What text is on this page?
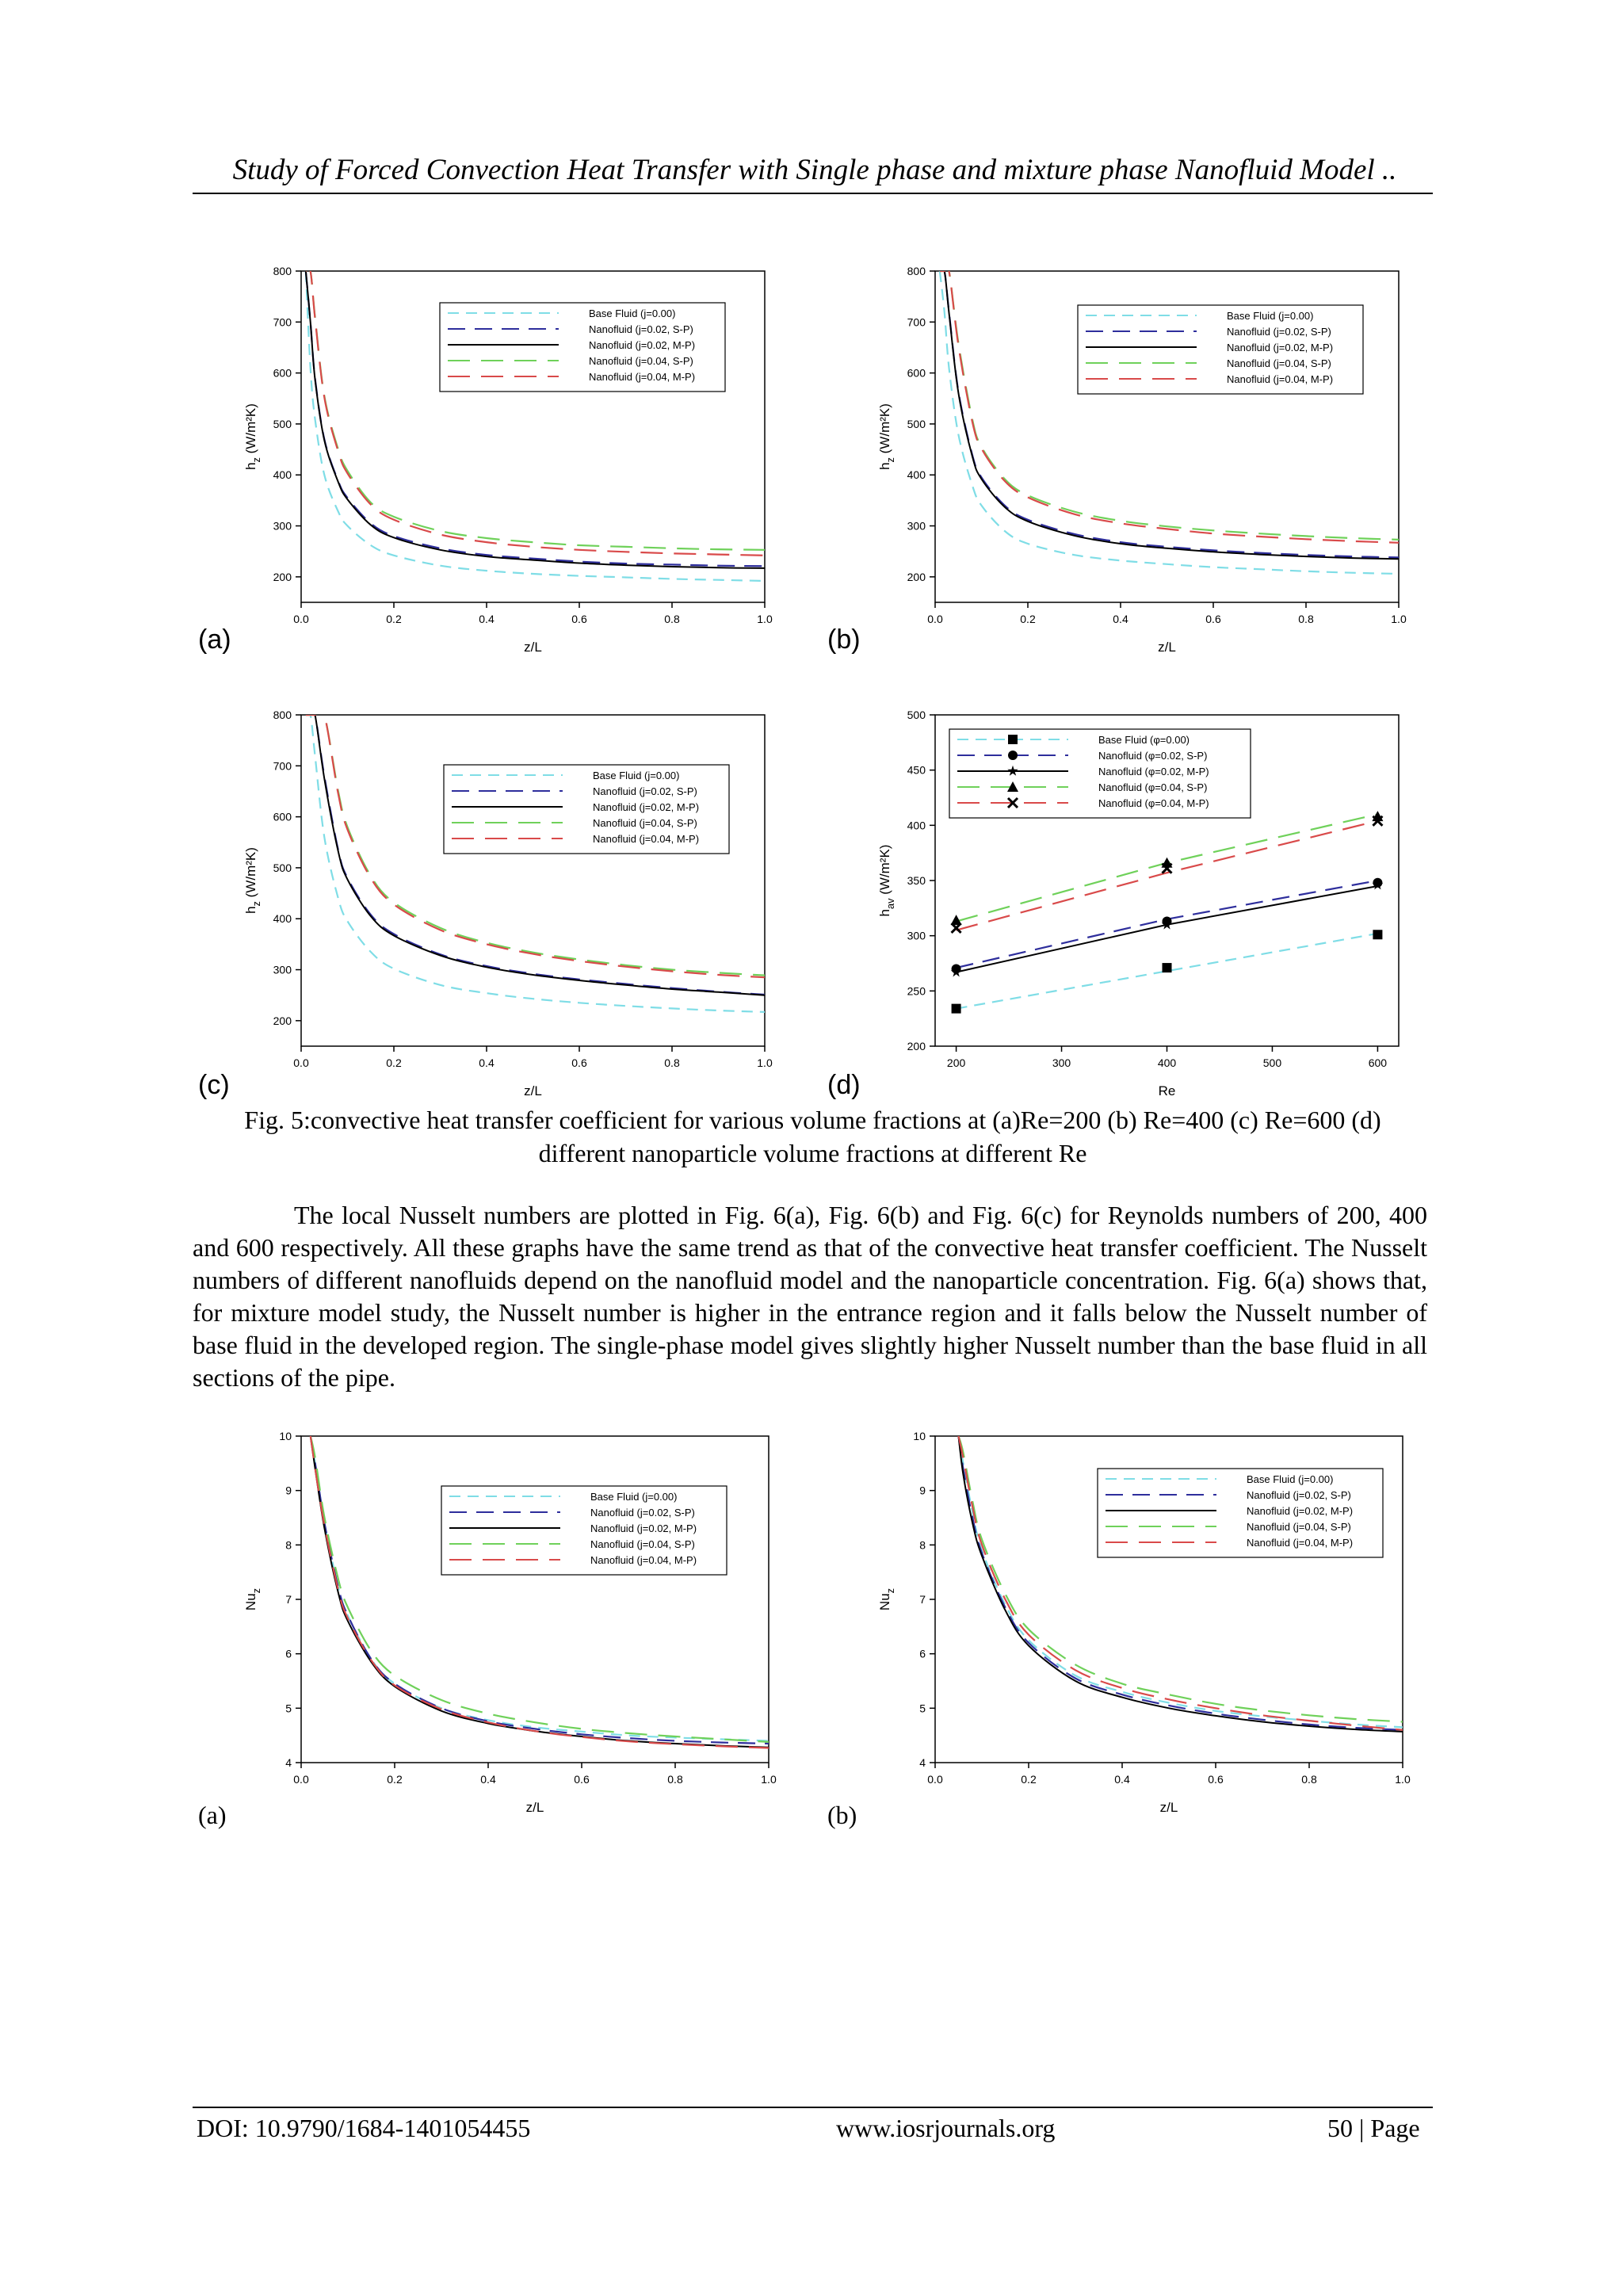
Study of Forced Convection Heat Transfer with Single phase and mixture phase Nanofluid Model ..
0.0	0.2	0.4	0.6	0.8	1.0
200
300
400
500
600
700
800
z/L
$h_z$ (W/m²K)
Base Fluid (j=0.00)
Nanofluid (j=0.02, S-P)
Nanofluid (j=0.02, M-P)
Nanofluid (j=0.04, S-P)
Nanofluid (j=0.04, M-P)
0.0	0.2	0.4	0.6	0.8	1.0
200
300
400
500
600
700
800
z/L
$h_z$ (W/m²K)
Base Fluid (j=0.00)
Nanofluid (j=0.02, S-P)
Nanofluid (j=0.02, M-P)
Nanofluid (j=0.04, S-P)
Nanofluid (j=0.04, M-P)
0.0	0.2	0.4	0.6	0.8	1.0
200
300
400
500
600
700
800
z/L
$h_z$ (W/m²K)
Base Fluid (j=0.00)
Nanofluid (j=0.02, S-P)
Nanofluid (j=0.02, M-P)
Nanofluid (j=0.04, S-P)
Nanofluid (j=0.04, M-P)
200	300	400	500	600
200
250
300
350
400
450
500
Re
$h_{av}$ (W/m²K)
Base Fluid (φ=0.00)
Nanofluid (φ=0.02, S-P)
Nanofluid (φ=0.02, M-P)
Nanofluid (φ=0.04, S-P)
Nanofluid (φ=0.04, M-P)
(a)	(b)
(c)	(d)
Fig. 5:convective heat transfer coefficient for various volume fractions at (a)Re=200 (b) Re=400 (c) Re=600 (d)
different nanoparticle volume fractions at different Re
The local Nusselt numbers are plotted in Fig. 6(a), Fig. 6(b) and Fig. 6(c) for Reynolds numbers of 200, 400 and 600 respectively. All these graphs have the same trend as that of the convective heat transfer coefficient. The Nusselt numbers of different nanofluids depend on the nanofluid model and the nanoparticle concentration. Fig. 6(a) shows that, for mixture model study, the Nusselt number is higher in the entrance region and it falls below the Nusselt number of base fluid in the developed region. The single-phase model gives slightly higher Nusselt number than the base fluid in all sections of the pipe.
0.0	0.2	0.4	0.6	0.8	1.0
4
5
6
7
8
9
10
z/L
$Nu_z$
Base Fluid (j=0.00)
Nanofluid (j=0.02, S-P)
Nanofluid (j=0.02, M-P)
Nanofluid (j=0.04, S-P)
Nanofluid (j=0.04, M-P)
0.0	0.2	0.4	0.6	0.8	1.0
4
5
6
7
8
9
10
z/L
$Nu_z$
Base Fluid (j=0.00)
Nanofluid (j=0.02, S-P)
Nanofluid (j=0.02, M-P)
Nanofluid (j=0.04, S-P)
Nanofluid (j=0.04, M-P)
(a)	(b)
DOI: 10.9790/1684-1401054455	www.iosrjournals.org	50 | Page
